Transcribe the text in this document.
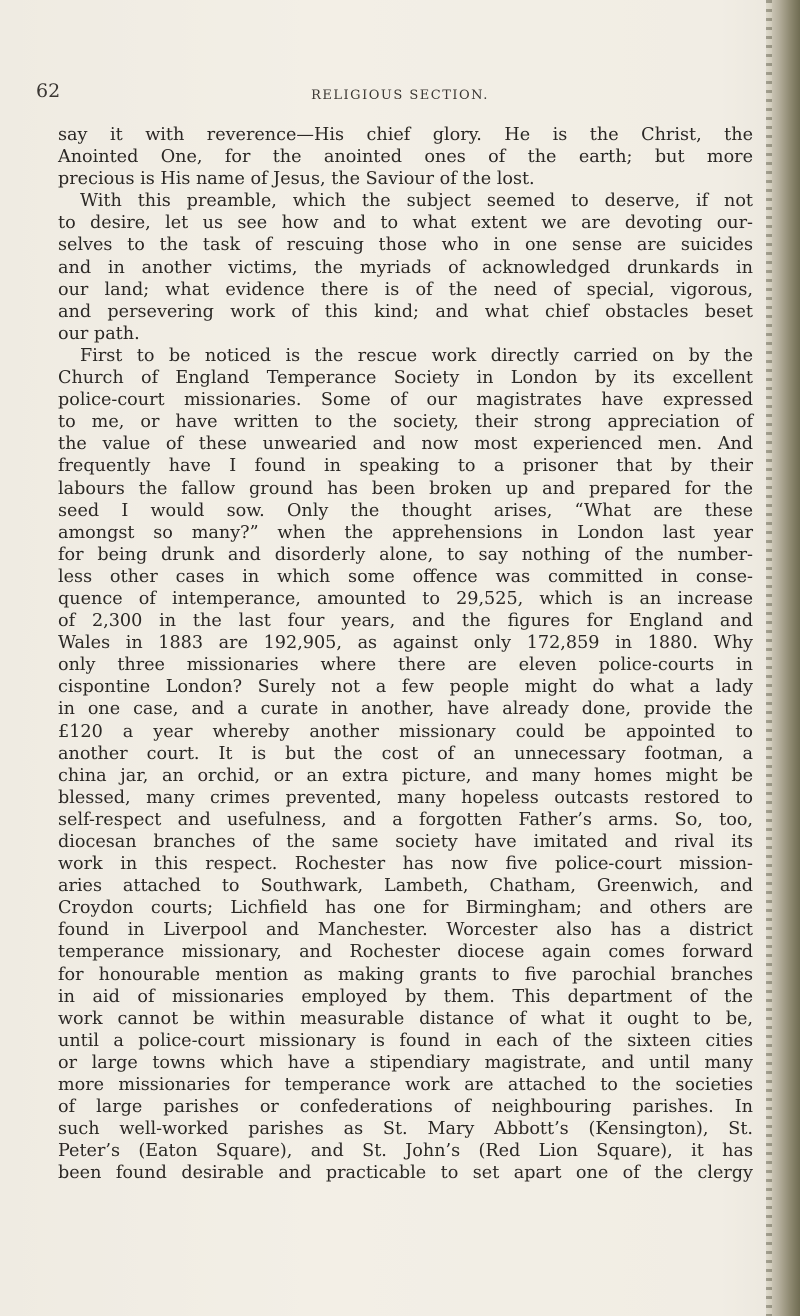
62	RELIGIOUS SECTION.
say it with reverence—His chief glory. He is the Christ, the
Anointed One, for the anointed ones of the earth; but more
precious is His name of Jesus, the Saviour of the lost.
With this preamble, which the subject seemed to deserve, if not
to desire, let us see how and to what extent we are devoting our-
selves to the task of rescuing those who in one sense are suicides
and in another victims, the myriads of acknowledged drunkards in
our land; what evidence there is of the need of special, vigorous,
and persevering work of this kind; and what chief obstacles beset
our path.
First to be noticed is the rescue work directly carried on by the
Church of England Temperance Society in London by its excellent
police-court missionaries. Some of our magistrates have expressed
to me, or have written to the society, their strong appreciation of
the value of these unwearied and now most experienced men. And
frequently have I found in speaking to a prisoner that by their
labours the fallow ground has been broken up and prepared for the
seed I would sow. Only the thought arises, “What are these
amongst so many?” when the apprehensions in London last year
for being drunk and disorderly alone, to say nothing of the number-
less other cases in which some offence was committed in conse-
quence of intemperance, amounted to 29,525, which is an increase
of 2,300 in the last four years, and the figures for England and
Wales in 1883 are 192,905, as against only 172,859 in 1880. Why
only three missionaries where there are eleven police-courts in
cispontine London? Surely not a few people might do what a lady
in one case, and a curate in another, have already done, provide the
£120 a year whereby another missionary could be appointed to
another court. It is but the cost of an unnecessary footman, a
china jar, an orchid, or an extra picture, and many homes might be
blessed, many crimes prevented, many hopeless outcasts restored to
self-respect and usefulness, and a forgotten Father’s arms. So, too,
diocesan branches of the same society have imitated and rival its
work in this respect. Rochester has now five police-court mission-
aries attached to Southwark, Lambeth, Chatham, Greenwich, and
Croydon courts; Lichfield has one for Birmingham; and others are
found in Liverpool and Manchester. Worcester also has a district
temperance missionary, and Rochester diocese again comes forward
for honourable mention as making grants to five parochial branches
in aid of missionaries employed by them. This department of the
work cannot be within measurable distance of what it ought to be,
until a police-court missionary is found in each of the sixteen cities
or large towns which have a stipendiary magistrate, and until many
more missionaries for temperance work are attached to the societies
of large parishes or confederations of neighbouring parishes. In
such well-worked parishes as St. Mary Abbott’s (Kensington), St.
Peter’s (Eaton Square), and St. John’s (Red Lion Square), it has
been found desirable and practicable to set apart one of the clergy
